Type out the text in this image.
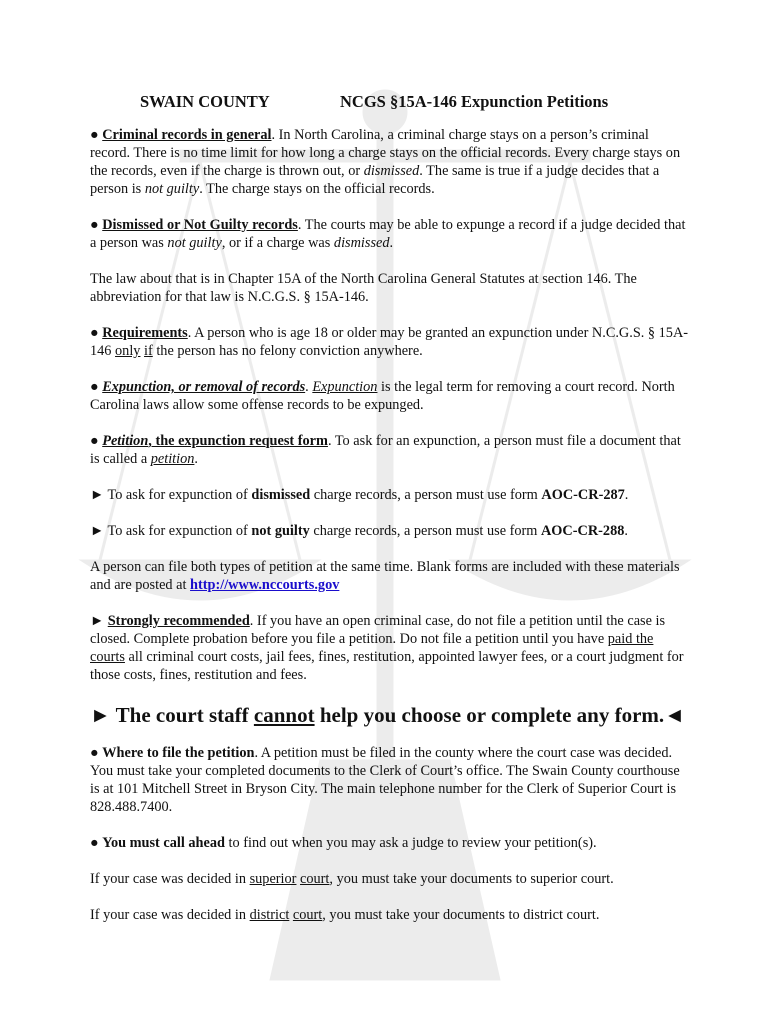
SWAIN COUNTY	NCGS §15A-146 Expunction Petitions

● Criminal records in general. In North Carolina, a criminal charge stays on a person’s criminal record. There is no time limit for how long a charge stays on the official records. Every charge stays on the records, even if the charge is thrown out, or dismissed. The same is true if a judge decides that a person is not guilty. The charge stays on the official records.

● Dismissed or Not Guilty records. The courts may be able to expunge a record if a judge decided that a person was not guilty, or if a charge was dismissed.

The law about that is in Chapter 15A of the North Carolina General Statutes at section 146. The abbreviation for that law is N.C.G.S. § 15A-146.

● Requirements. A person who is age 18 or older may be granted an expunction under N.C.G.S. § 15A-146 only if the person has no felony conviction anywhere.

● Expunction, or removal of records. Expunction is the legal term for removing a court record. North Carolina laws allow some offense records to be expunged.

● Petition, the expunction request form. To ask for an expunction, a person must file a document that is called a petition.

► To ask for expunction of dismissed charge records, a person must use form AOC-CR-287.

► To ask for expunction of not guilty charge records, a person must use form AOC-CR-288.

A person can file both types of petition at the same time. Blank forms are included with these materials and are posted at http://www.nccourts.gov

► Strongly recommended. If you have an open criminal case, do not file a petition until the case is closed. Complete probation before you file a petition. Do not file a petition until you have paid the courts all criminal court costs, jail fees, fines, restitution, appointed lawyer fees, or a court judgment for those costs, fines, restitution and fees.

► The court staff cannot help you choose or complete any form.◄

● Where to file the petition. A petition must be filed in the county where the court case was decided. You must take your completed documents to the Clerk of Court’s office. The Swain County courthouse is at 101 Mitchell Street in Bryson City. The main telephone number for the Clerk of Superior Court is 828.488.7400.

● You must call ahead to find out when you may ask a judge to review your petition(s).

If your case was decided in superior court, you must take your documents to superior court.

If your case was decided in district court, you must take your documents to district court.
